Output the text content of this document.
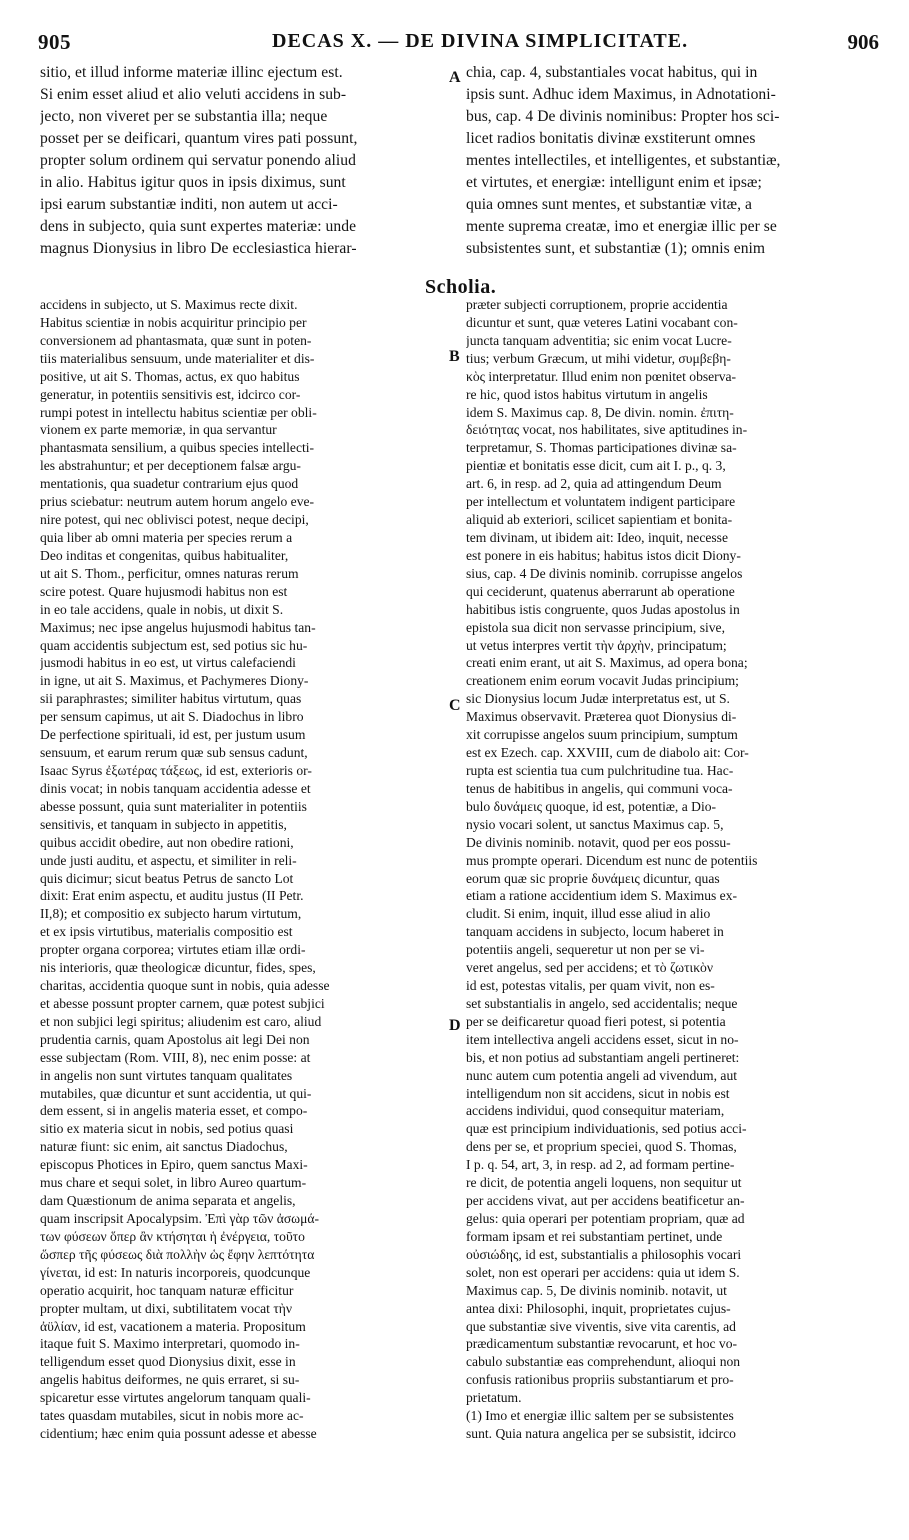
905	DECAS X. — DE DIVINA SIMPLICITATE.	906
sitio, et illud informe materiæ illinc ejectum est.
Si enim esset aliud et alio veluti accidens in sub-
jecto, non viveret per se substantia illa; neque
posset per se deificari, quantum vires pati possunt,
propter solum ordinem qui servatur ponendo aliud
in alio. Habitus igitur quos in ipsis diximus, sunt
ipsi earum substantiæ inditi, non autem ut acci-
dens in subjecto, quia sunt expertes materiæ: unde
magnus Dionysius in libro De ecclesiastica hierar-
chia, cap. 4, substantiales vocat habitus, qui in
ipsis sunt. Adhuc idem Maximus, in Adnotationi-
bus, cap. 4 De divinis nominibus: Propter hos sci-
licet radios bonitatis divinæ exstiterunt omnes
mentes intellectiles, et intelligentes, et substantiæ,
et virtutes, et energiæ: intelligunt enim et ipsæ;
quia omnes sunt mentes, et substantiæ vitæ, a
mente suprema creatæ, imo et energiæ illic per se
subsistentes sunt, et substantiæ (1); omnis enim
Scholia.
accidens in subjecto, ut S. Maximus recte dixit.
Habitus scientiæ in nobis acquiritur principio per
conversionem ad phantasmata, quæ sunt in poten-
tiis materialibus sensuum, unde materialiter et dis-
positive, ut ait S. Thomas, actus, ex quo habitus
generatur, in potentiis sensitivis est, idcirco cor-
rumpi potest in intellectu habitus scientiæ per obli-
vionem ex parte memoriæ, in qua servantur
phantasmata sensilium, a quibus species intellecti-
les abstrahuntur; et per deceptionem falsæ argu-
mentationis, qua suadetur contrarium ejus quod
prius sciebatur: neutrum autem horum angelo eve-
nire potest, qui nec oblivisci potest, neque decipi,
quia liber ab omni materia per species rerum a
Deo inditas et congenitas, quibus habitualiter,
ut ait S. Thom., perficitur, omnes naturas rerum
scire potest. Quare hujusmodi habitus non est
in eo tale accidens, quale in nobis, ut dixit S.
Maximus; nec ipse angelus hujusmodi habitus tan-
quam accidentis subjectum est, sed potius sic hu-
jusmodi habitus in eo est, ut virtus calefaciendi
in igne, ut ait S. Maximus, et Pachymeres Diony-
sii paraphrastes; similiter habitus virtutum, quas
per sensum capimus, ut ait S. Diadochus in libro
De perfectione spirituali, id est, per justum usum
sensuum, et earum rerum quæ sub sensus cadunt,
Isaac Syrus ἐξωτέρας τάξεως, id est, exterioris or-
dinis vocat; in nobis tanquam accidentia adesse et
abesse possunt, quia sunt materialiter in potentiis
sensitivis, et tanquam in subjecto in appetitis,
quibus accidit obedire, aut non obedire rationi,
unde justi auditu, et aspectu, et similiter in reli-
quis dicimur; sicut beatus Petrus de sancto Lot
dixit: Erat enim aspectu, et auditu justus (II Petr.
II,8); et compositio ex subjecto harum virtutum,
et ex ipsis virtutibus, materialis compositio est
propter organa corporea; virtutes etiam illæ ordi-
nis interioris, quæ theologicæ dicuntur, fides, spes,
charitas, accidentia quoque sunt in nobis, quia adesse
et abesse possunt propter carnem, quæ potest subjici
et non subjici legi spiritus; aliudenim est caro, aliud
prudentia carnis, quam Apostolus ait legi Dei non
esse subjectam (Rom. VIII, 8), nec enim posse: at
in angelis non sunt virtutes tanquam qualitates
mutabiles, quæ dicuntur et sunt accidentia, ut qui-
dem essent, si in angelis materia esset, et compo-
sitio ex materia sicut in nobis, sed potius quasi
naturæ fiunt: sic enim, ait sanctus Diadochus,
episcopus Photices in Epiro, quem sanctus Maxi-
mus chare et sequi solet, in libro Aureo quartum-
dam Quæstionum de anima separata et angelis,
quam inscripsit Apocalypsim. Ἐπὶ γὰρ τῶν ἀσωμά-
των φύσεων ὅπερ ἂν κτήσηται ἡ ἐνέργεια, τοῦτο
ὥσπερ τῆς φύσεως διὰ πολλὴν ὡς ἔφην λεπτότητα
γίνεται, id est: In naturis incorporeis, quodcunque
operatio acquirit, hoc tanquam naturæ efficitur
propter multam, ut dixi, subtilitatem vocat τὴν
ἀϋλίαν, id est, vacationem a materia. Propositum
itaque fuit S. Maximo interpretari, quomodo in-
telligendum esset quod Dionysius dixit, esse in
angelis habitus deiformes, ne quis erraret, si su-
spicaretur esse virtutes angelorum tanquam quali-
tates quasdam mutabiles, sicut in nobis more ac-
cidentium; hæc enim quia possunt adesse et abesse
præter subjecti corruptionem, proprie accidentia
dicuntur et sunt, quæ veteres Latini vocabant con-
juncta tanquam adventitia; sic enim vocat Lucre-
tius; verbum Græcum, ut mihi videtur, συμβεβη-
κὸς interpretatur. Illud enim non pœnitet observa-
re hic, quod istos habitus virtutum in angelis
idem S. Maximus cap. 8, De divin. nomin. ἐπιτη-
δειότητας vocat, nos habilitates, sive aptitudines in-
terpretamur, S. Thomas participationes divinæ sa-
pientiæ et bonitatis esse dicit, cum ait I. p., q. 3,
art. 6, in resp. ad 2, quia ad attingendum Deum
per intellectum et voluntatem indigent participare
aliquid ab exteriori, scilicet sapientiam et bonita-
tem divinam, ut ibidem ait: Ideo, inquit, necesse
est ponere in eis habitus; habitus istos dicit Diony-
sius, cap. 4 De divinis nominib. corrupisse angelos
qui ceciderunt, quatenus aberrarunt ab operatione
habitibus istis congruente, quos Judas apostolus in
epistola sua dicit non servasse principium, sive,
ut vetus interpres vertit τὴν ἀρχὴν, principatum;
creati enim erant, ut ait S. Maximus, ad opera bona;
creationem enim eorum vocavit Judas principium;
sic Dionysius locum Judæ interpretatus est, ut S.
Maximus observavit. Præterea quot Dionysius di-
xit corrupisse angelos suum principium, sumptum
est ex Ezech. cap. XXVIII, cum de diabolo ait: Cor-
rupta est scientia tua cum pulchritudine tua. Hac-
tenus de habitibus in angelis, qui communi voca-
bulo δυνάμεις quoque, id est, potentiæ, a Dio-
nysio vocari solent, ut sanctus Maximus cap. 5,
De divinis nominib. notavit, quod per eos possu-
mus prompte operari. Dicendum est nunc de potentiis
eorum quæ sic proprie δυνάμεις dicuntur, quas
etiam a ratione accidentium idem S. Maximus ex-
cludit. Si enim, inquit, illud esse aliud in alio
tanquam accidens in subjecto, locum haberet in
potentiis angeli, sequeretur ut non per se vi-
veret angelus, sed per accidens; et τὸ ζωτικὸν
id est, potestas vitalis, per quam vivit, non es-
set substantialis in angelo, sed accidentalis; neque
per se deificaretur quoad fieri potest, si potentia
item intellectiva angeli accidens esset, sicut in no-
bis, et non potius ad substantiam angeli pertineret:
nunc autem cum potentia angeli ad vivendum, aut
intelligendum non sit accidens, sicut in nobis est
accidens individui, quod consequitur materiam,
quæ est principium individuationis, sed potius acci-
dens per se, et proprium speciei, quod S. Thomas,
I p. q. 54, art, 3, in resp. ad 2, ad formam pertine-
re dicit, de potentia angeli loquens, non sequitur ut
per accidens vivat, aut per accidens beatificetur an-
gelus: quia operari per potentiam propriam, quæ ad
formam ipsam et rei substantiam pertinet, unde
οὐσιώδης, id est, substantialis a philosophis vocari
solet, non est operari per accidens: quia ut idem S.
Maximus cap. 5, De divinis nominib. notavit, ut
antea dixi: Philosophi, inquit, proprietates cujus-
que substantiæ sive viventis, sive vita carentis, ad
prædicamentum substantiæ revocarunt, et hoc vo-
cabulo substantiæ eas comprehendunt, alioqui non
confusis rationibus propriis substantiarum et pro-
prietatum.
(1) Imo et energiæ illic saltem per se subsistentes
sunt. Quia natura angelica per se subsistit, idcirco
A
B
C
D
